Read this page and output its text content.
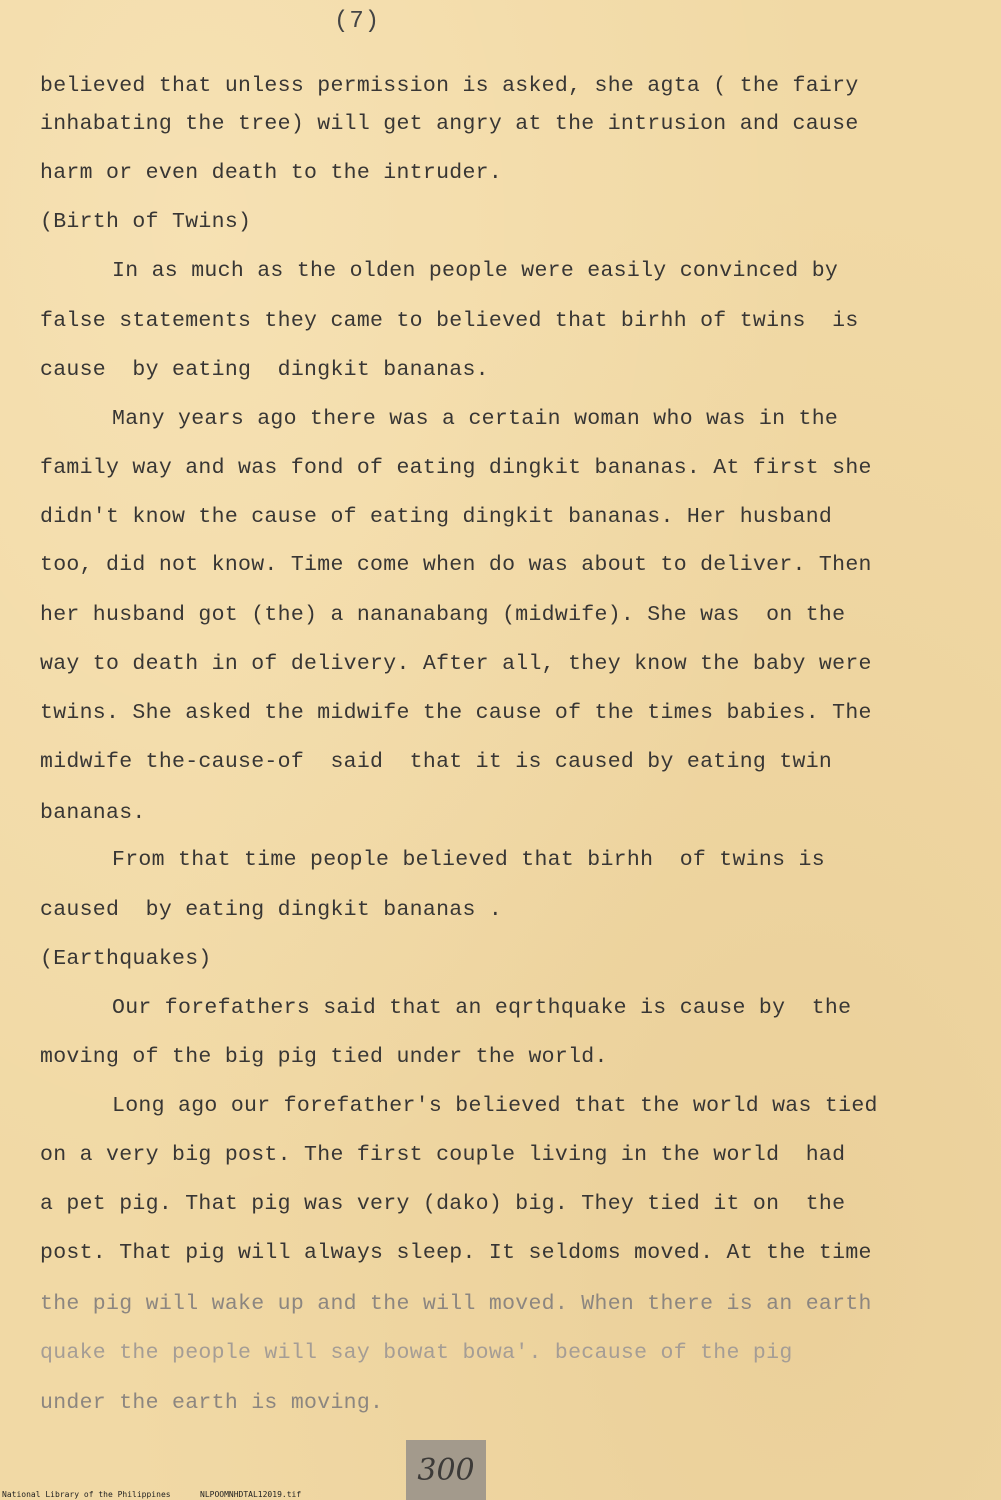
(7)
believed that unless permission is asked, she agta ( the fairy
inhabating the tree) will get angry at the intrusion and cause
harm or even death to the intruder.
(Birth of Twins)
In as much as the olden people were easily convinced by
false statements they came to believed that birhh of twins  is
cause  by eating  dingkit bananas.
Many years ago there was a certain woman who was in the
family way and was fond of eating dingkit bananas. At first she
didn't know the cause of eating dingkit bananas. Her husband
too, did not know. Time come when do was about to deliver. Then
her husband got (the) a nananabang (midwife). She was  on the
way to death in of delivery. After all, they know the baby were
twins. She asked the midwife the cause of the times babies. The
midwife the-cause-of  said  that it is caused by eating twin
bananas.
From that time people believed that birhh  of twins is
caused  by eating dingkit bananas .
(Earthquakes)
Our forefathers said that an eqrthquake is cause by  the
moving of the big pig tied under the world.
Long ago our forefather's believed that the world was tied
on a very big post. The first couple living in the world  had
a pet pig. That pig was very (dako) big. They tied it on  the
post. That pig will always sleep. It seldoms moved. At the time
the pig will wake up and the will moved. When there is an earth
quake the people will say bowat bowa'. because of the pig
under the earth is moving.
300
National Library of the Philippines	NLPOOMNHDTAL12019.tif
